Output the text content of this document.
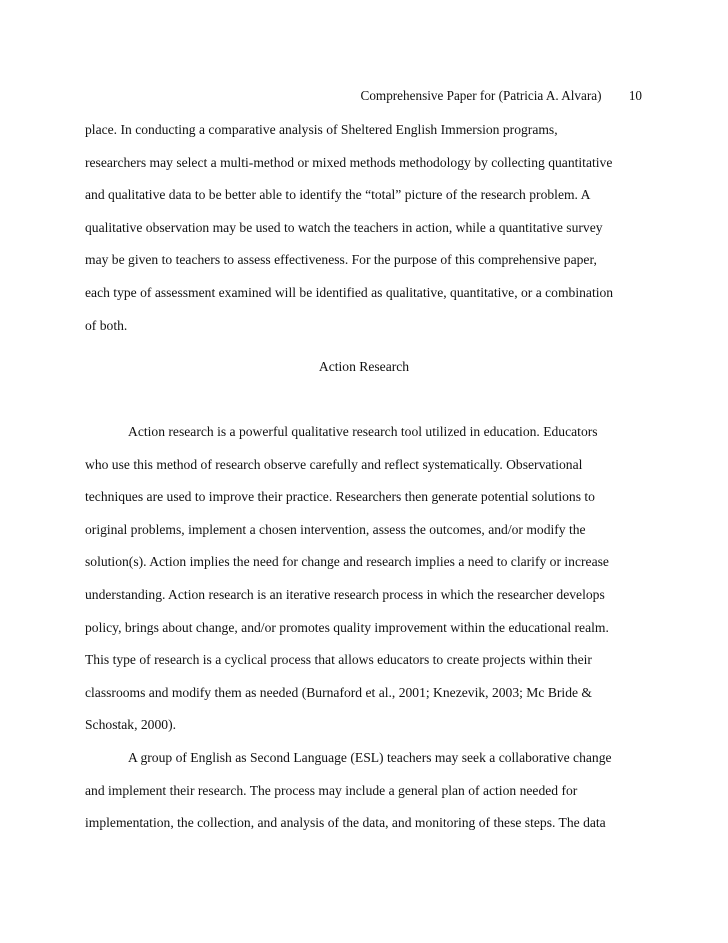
Comprehensive Paper for (Patricia A. Alvara) 10
place. In conducting a comparative analysis of Sheltered English Immersion programs,
researchers may select a multi-method or mixed methods methodology by collecting quantitative
and qualitative data to be better able to identify the “total” picture of the research problem. A
qualitative observation may be used to watch the teachers in action, while a quantitative survey
may be given to teachers to assess effectiveness. For the purpose of this comprehensive paper,
each type of assessment examined will be identified as qualitative, quantitative, or a combination
of both.
Action Research
Action research is a powerful qualitative research tool utilized in education. Educators
who use this method of research observe carefully and reflect systematically. Observational
techniques are used to improve their practice. Researchers then generate potential solutions to
original problems, implement a chosen intervention, assess the outcomes, and/or modify the
solution(s). Action implies the need for change and research implies a need to clarify or increase
understanding. Action research is an iterative research process in which the researcher develops
policy, brings about change, and/or promotes quality improvement within the educational realm.
This type of research is a cyclical process that allows educators to create projects within their
classrooms and modify them as needed (Burnaford et al., 2001; Knezevik, 2003; Mc Bride &
Schostak, 2000).
A group of English as Second Language (ESL) teachers may seek a collaborative change
and implement their research. The process may include a general plan of action needed for
implementation, the collection, and analysis of the data, and monitoring of these steps. The data
